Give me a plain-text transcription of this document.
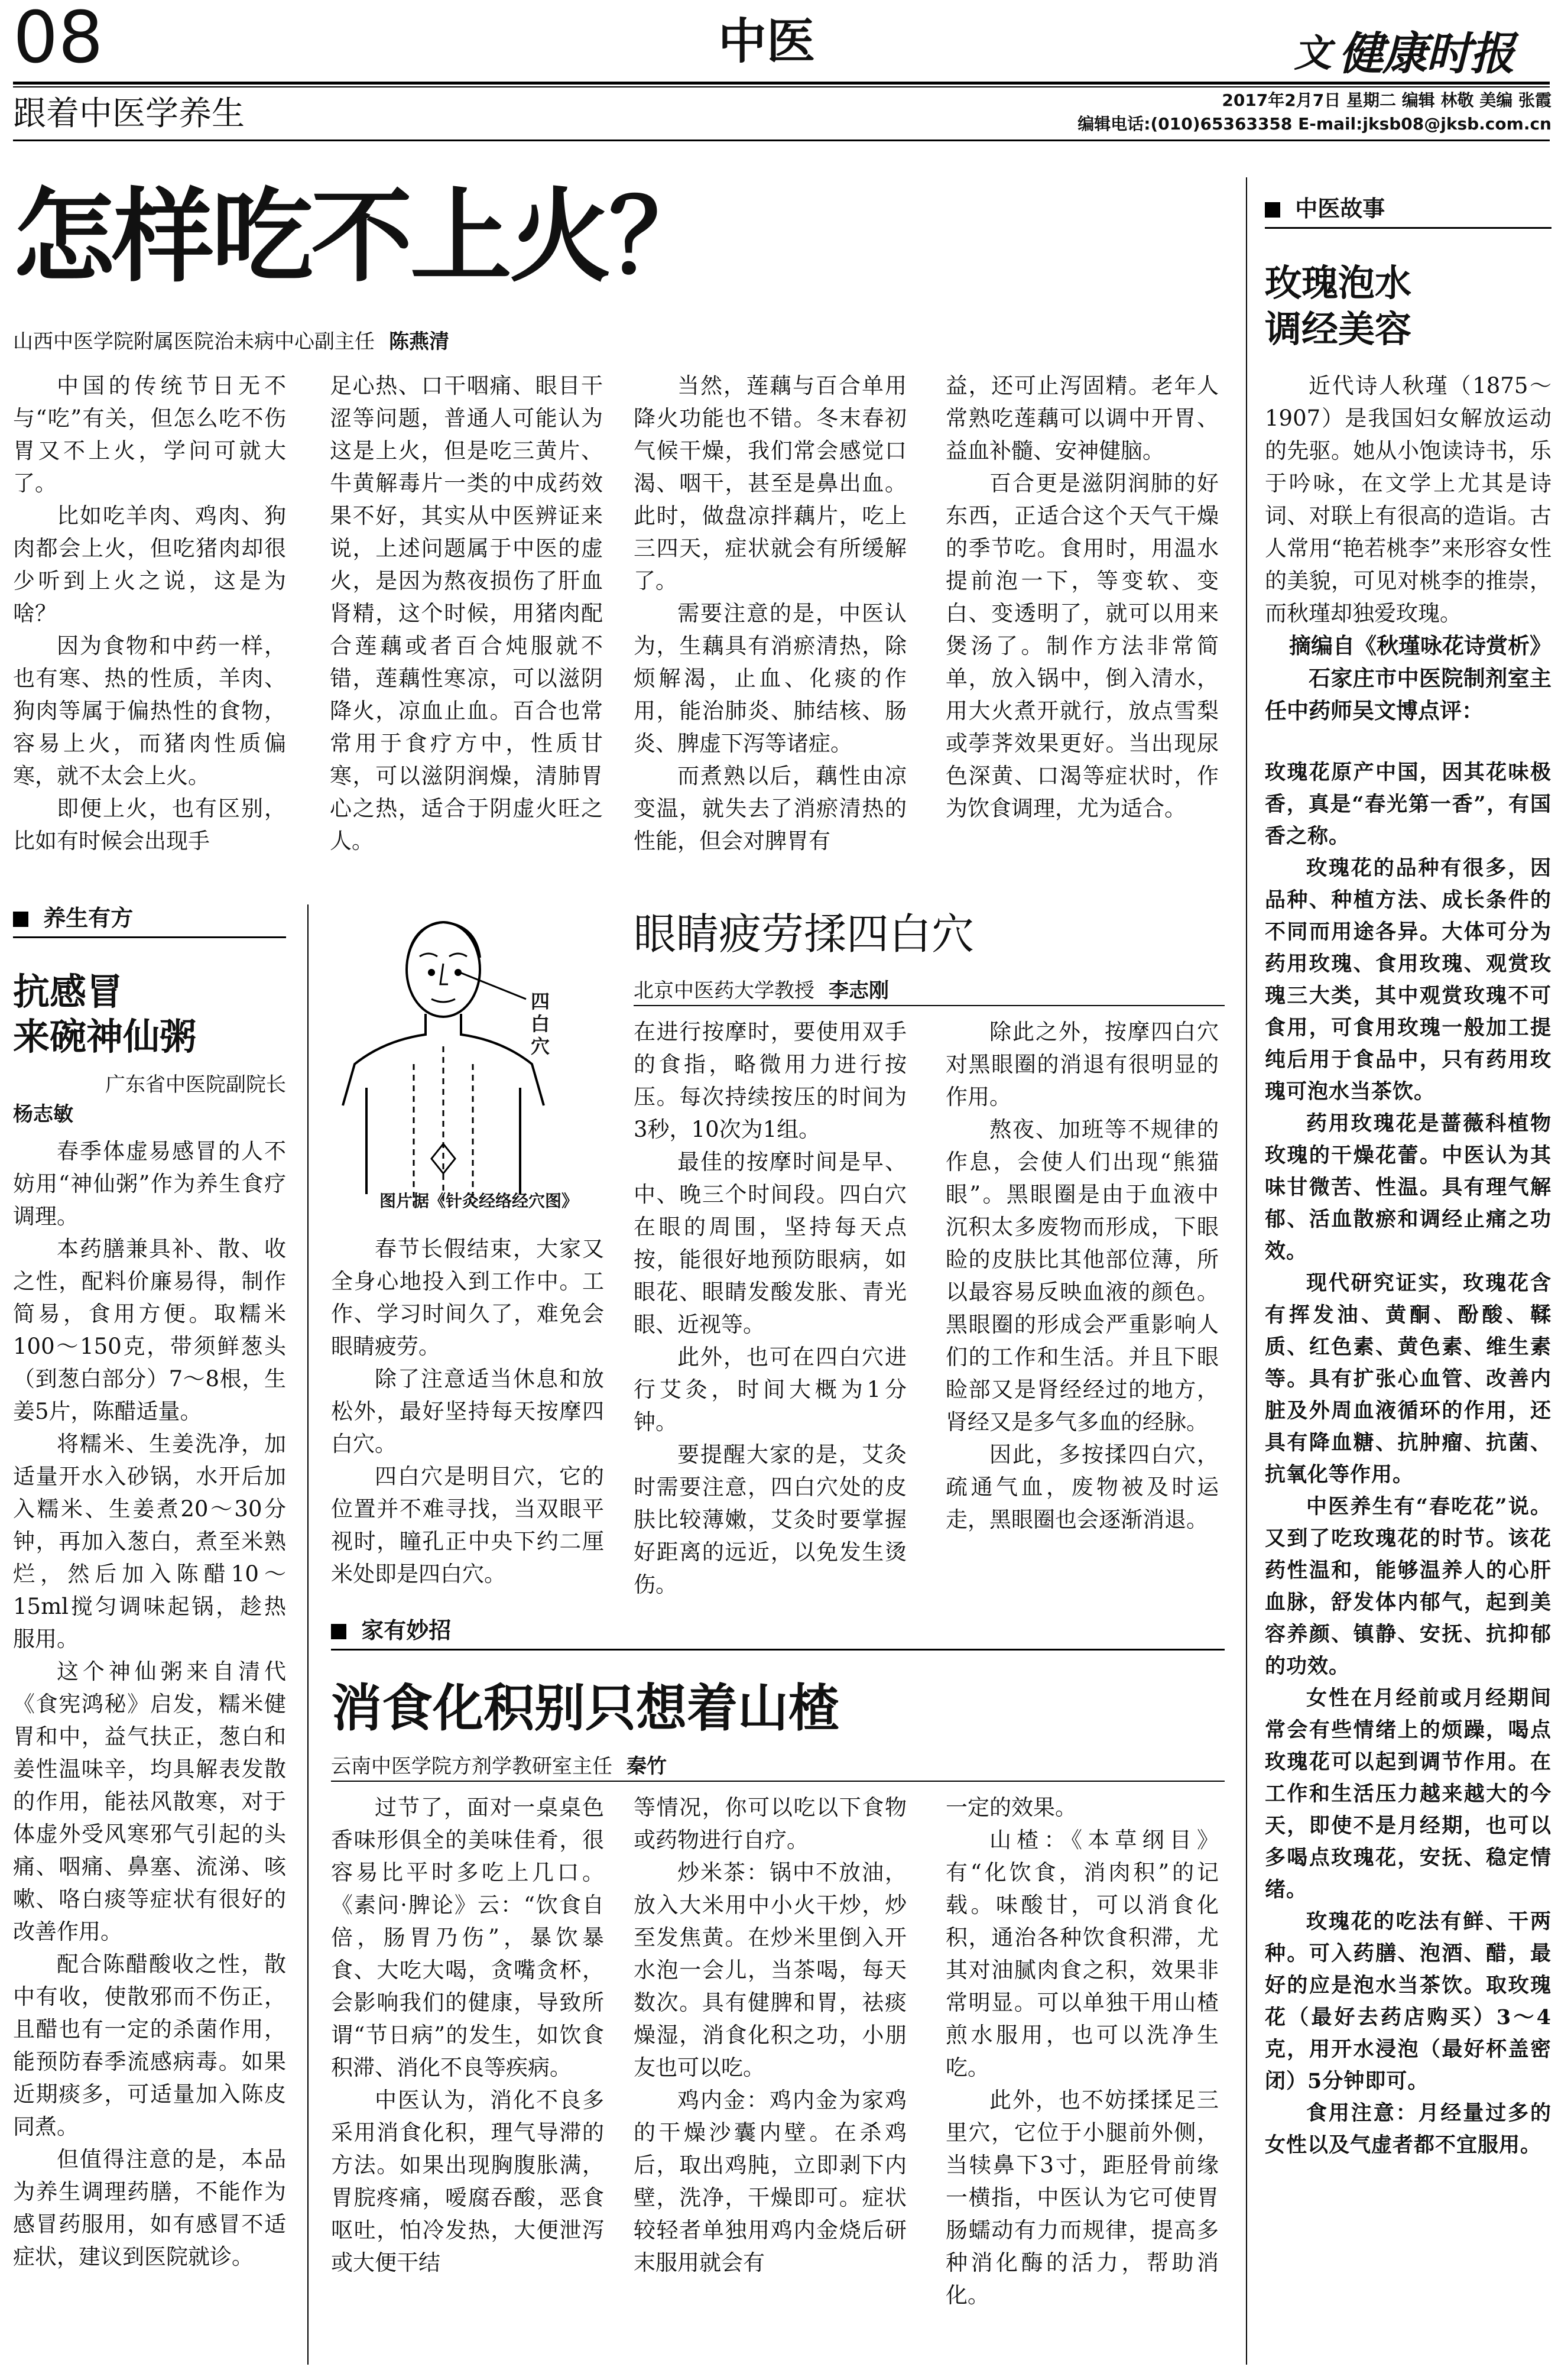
08	中医	文 健康时报
跟着中医学养生	2017年2月7日 星期二 编辑 林敬 美编 张霞
编辑电话:(010)65363358 E-mail:jksb08@jksb.com.cn
怎样吃不上火？
山西中医学院附属医院治未病中心副主任 陈燕清

中国的传统节日无不与“吃”有关，但怎么吃不伤胃又不上火，学问可就大了。

比如吃羊肉、鸡肉、狗肉都会上火，但吃猪肉却很少听到上火之说，这是为啥？

因为食物和中药一样，也有寒、热的性质，羊肉、狗肉等属于偏热性的食物，容易上火，而猪肉性质偏寒，就不太会上火。

即便上火，也有区别，比如有时候会出现手

足心热、口干咽痛、眼目干涩等问题，普通人可能认为这是上火，但是吃三黄片、牛黄解毒片一类的中成药效果不好，其实从中医辨证来说，上述问题属于中医的虚火，是因为熬夜损伤了肝血肾精，这个时候，用猪肉配合莲藕或者百合炖服就不错，莲藕性寒凉，可以滋阴降火，凉血止血。百合也常常用于食疗方中，性质甘寒，可以滋阴润燥，清肺胃心之热，适合于阴虚火旺之人。

当然，莲藕与百合单用降火功能也不错。冬末春初气候干燥，我们常会感觉口渴、咽干，甚至是鼻出血。此时，做盘凉拌藕片，吃上三四天，症状就会有所缓解了。

需要注意的是，中医认为，生藕具有消瘀清热，除烦解渴，止血、化痰的作用，能治肺炎、肺结核、肠炎、脾虚下泻等诸症。

而煮熟以后，藕性由凉变温，就失去了消瘀清热的性能，但会对脾胃有

益，还可止泻固精。老年人常熟吃莲藕可以调中开胃、益血补髓、安神健脑。

百合更是滋阴润肺的好东西，正适合这个天气干燥的季节吃。食用时，用温水提前泡一下，等变软、变白、变透明了，就可以用来煲汤了。制作方法非常简单，放入锅中，倒入清水，用大火煮开就行，放点雪梨或荸荠效果更好。当出现尿色深黄、口渴等症状时，作为饮食调理，尤为适合。

中医故事
玫瑰泡水
调经美容

近代诗人秋瑾（1875～1907）是我国妇女解放运动的先驱。她从小饱读诗书，乐于吟咏，在文学上尤其是诗词、对联上有很高的造诣。古人常用“艳若桃李”来形容女性的美貌，可见对桃李的推崇，而秋瑾却独爱玫瑰。

摘编自《秋瑾咏花诗赏析》

石家庄市中医院制剂室主任中药师吴文博点评：

玫瑰花原产中国，因其花味极香，真是“春光第一香”，有国香之称。

玫瑰花的品种有很多，因品种、种植方法、成长条件的不同而用途各异。大体可分为药用玫瑰、食用玫瑰、观赏玫瑰三大类，其中观赏玫瑰不可食用，可食用玫瑰一般加工提纯后用于食品中，只有药用玫瑰可泡水当茶饮。

药用玫瑰花是蔷薇科植物玫瑰的干燥花蕾。中医认为其味甘微苦、性温。具有理气解郁、活血散瘀和调经止痛之功效。

现代研究证实，玫瑰花含有挥发油、黄酮、酚酸、鞣质、红色素、黄色素、维生素等。具有扩张心血管、改善内脏及外周血液循环的作用，还具有降血糖、抗肿瘤、抗菌、抗氧化等作用。

中医养生有“春吃花”说。又到了吃玫瑰花的时节。该花药性温和，能够温养人的心肝血脉，舒发体内郁气，起到美容养颜、镇静、安抚、抗抑郁的功效。

女性在月经前或月经期间常会有些情绪上的烦躁，喝点玫瑰花可以起到调节作用。在工作和生活压力越来越大的今天，即使不是月经期，也可以多喝点玫瑰花，安抚、稳定情绪。

玫瑰花的吃法有鲜、干两种。可入药膳、泡酒、醋，最好的应是泡水当茶饮。取玫瑰花（最好去药店购买）3～4克，用开水浸泡（最好杯盖密闭）5分钟即可。

食用注意：月经量过多的女性以及气虚者都不宜服用。

养生有方
抗感冒
来碗神仙粥
广东省中医院副院长
杨志敏

春季体虚易感冒的人不妨用“神仙粥”作为养生食疗调理。

本药膳兼具补、散、收之性，配料价廉易得，制作简易，食用方便。取糯米100～150克，带须鲜葱头（到葱白部分）7～8根，生姜5片，陈醋适量。

将糯米、生姜洗净，加适量开水入砂锅，水开后加入糯米、生姜煮20～30分钟，再加入葱白，煮至米熟烂，然后加入陈醋10～15ml搅匀调味起锅，趁热服用。

这个神仙粥来自清代《食宪鸿秘》启发，糯米健胃和中，益气扶正，葱白和姜性温味辛，均具解表发散的作用，能祛风散寒，对于体虚外受风寒邪气引起的头痛、咽痛、鼻塞、流涕、咳嗽、咯白痰等症状有很好的改善作用。

配合陈醋酸收之性，散中有收，使散邪而不伤正，且醋也有一定的杀菌作用，能预防春季流感病毒。如果近期痰多，可适量加入陈皮同煮。

但值得注意的是，本品为养生调理药膳，不能作为感冒药服用，如有感冒不适症状，建议到医院就诊。

四白穴
图片据《针灸经络经穴图》
眼睛疲劳揉四白穴
北京中医药大学教授 李志刚

春节长假结束，大家又全身心地投入到工作中。工作、学习时间久了，难免会眼睛疲劳。

除了注意适当休息和放松外，最好坚持每天按摩四白穴。

四白穴是明目穴，它的位置并不难寻找，当双眼平视时，瞳孔正中央下约二厘米处即是四白穴。

在进行按摩时，要使用双手的食指，略微用力进行按压。每次持续按压的时间为3秒，10次为1组。

最佳的按摩时间是早、中、晚三个时间段。四白穴在眼的周围，坚持每天点按，能很好地预防眼病，如眼花、眼睛发酸发胀、青光眼、近视等。

此外，也可在四白穴进行艾灸，时间大概为1分钟。

要提醒大家的是，艾灸时需要注意，四白穴处的皮肤比较薄嫩，艾灸时要掌握好距离的远近，以免发生烫伤。

除此之外，按摩四白穴对黑眼圈的消退有很明显的作用。

熬夜、加班等不规律的作息，会使人们出现“熊猫眼”。黑眼圈是由于血液中沉积太多废物而形成，下眼睑的皮肤比其他部位薄，所以最容易反映血液的颜色。黑眼圈的形成会严重影响人们的工作和生活。并且下眼睑部又是肾经经过的地方，肾经又是多气多血的经脉。

因此，多按揉四白穴，疏通气血，废物被及时运走，黑眼圈也会逐渐消退。

家有妙招
消食化积别只想着山楂
云南中医学院方剂学教研室主任 秦竹

过节了，面对一桌桌色香味形俱全的美味佳肴，很容易比平时多吃上几口。《素问·脾论》云：“饮食自倍，肠胃乃伤”，暴饮暴食、大吃大喝，贪嘴贪杯，会影响我们的健康，导致所谓“节日病”的发生，如饮食积滞、消化不良等疾病。

中医认为，消化不良多采用消食化积，理气导滞的方法。如果出现胸腹胀满，胃脘疼痛，嗳腐吞酸，恶食呕吐，怕冷发热，大便泄泻或大便干结

等情况，你可以吃以下食物或药物进行自疗。

炒米茶：锅中不放油，放入大米用中小火干炒，炒至发焦黄。在炒米里倒入开水泡一会儿，当茶喝，每天数次。具有健脾和胃，祛痰燥湿，消食化积之功，小朋友也可以吃。

鸡内金：鸡内金为家鸡的干燥沙囊内壁。在杀鸡后，取出鸡肫，立即剥下内壁，洗净，干燥即可。症状较轻者单独用鸡内金烧后研末服用就会有

一定的效果。

山楂：《本草纲目》有“化饮食，消肉积”的记载。味酸甘，可以消食化积，通治各种饮食积滞，尤其对油腻肉食之积，效果非常明显。可以单独干用山楂煎水服用，也可以洗净生吃。

此外，也不妨揉揉足三里穴，它位于小腿前外侧，当犊鼻下3寸，距胫骨前缘一横指，中医认为它可使胃肠蠕动有力而规律，提高多种消化酶的活力，帮助消化。
